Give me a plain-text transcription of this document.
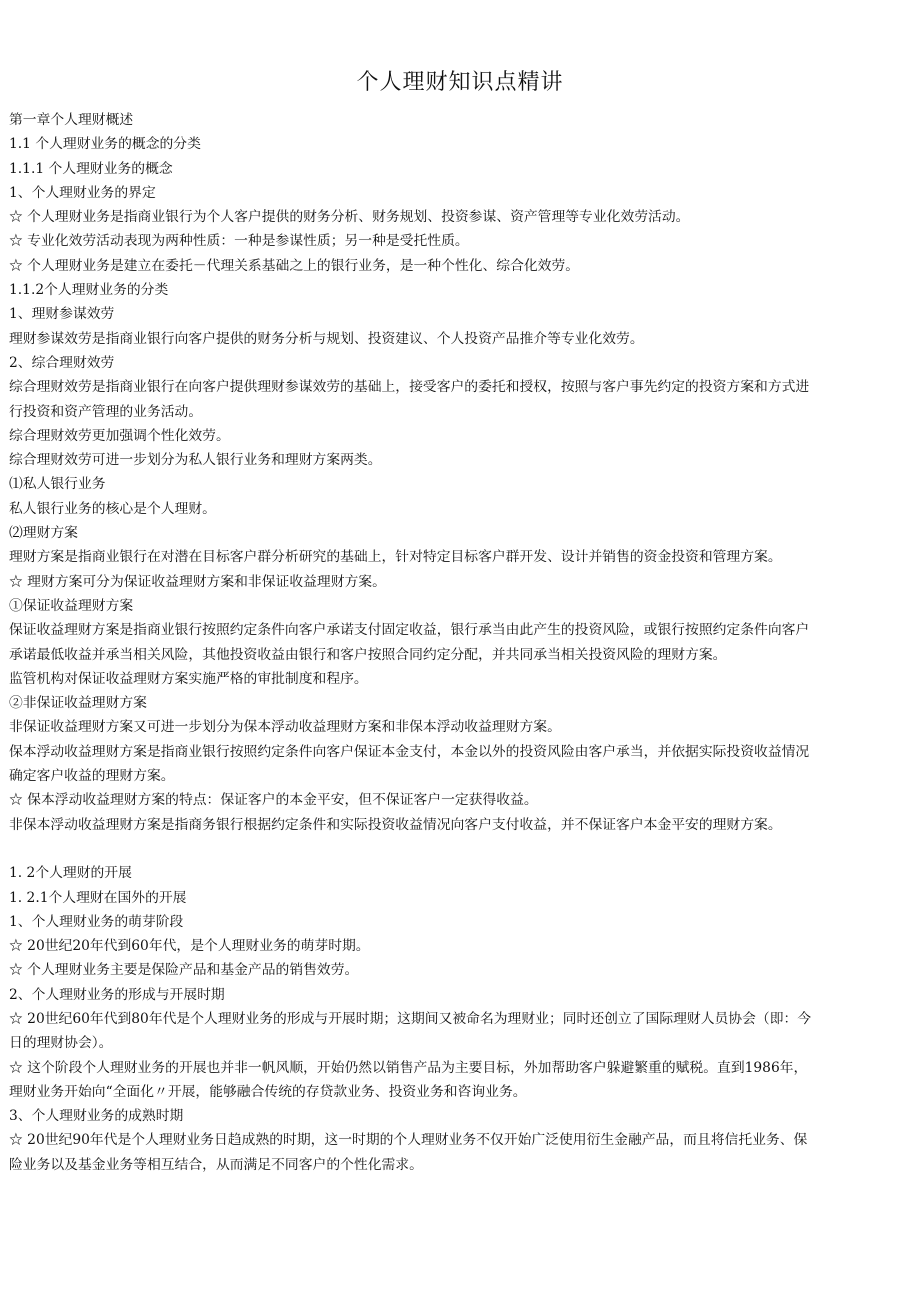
个人理财知识点精讲
第一章个人理财概述
1.1 个人理财业务的概念的分类
1.1.1 个人理财业务的概念
1、个人理财业务的界定
☆ 个人理财业务是指商业银行为个人客户提供的财务分析、财务规划、投资参谋、资产管理等专业化效劳活动。
☆ 专业化效劳活动表现为两种性质：一种是参谋性质；另一种是受托性质。
☆ 个人理财业务是建立在委托－代理关系基础之上的银行业务，是一种个性化、综合化效劳。
1.1.2个人理财业务的分类
1、理财参谋效劳
理财参谋效劳是指商业银行向客户提供的财务分析与规划、投资建议、个人投资产品推介等专业化效劳。
2、综合理财效劳
综合理财效劳是指商业银行在向客户提供理财参谋效劳的基础上，接受客户的委托和授权，按照与客户事先约定的投资方案和方式进
行投资和资产管理的业务活动。
综合理财效劳更加强调个性化效劳。
综合理财效劳可进一步划分为私人银行业务和理财方案两类。
⑴私人银行业务
私人银行业务的核心是个人理财。
⑵理财方案
理财方案是指商业银行在对潜在目标客户群分析研究的基础上，针对特定目标客户群开发、设计并销售的资金投资和管理方案。
☆ 理财方案可分为保证收益理财方案和非保证收益理财方案。
①保证收益理财方案
保证收益理财方案是指商业银行按照约定条件向客户承诺支付固定收益，银行承当由此产生的投资风险，或银行按照约定条件向客户
承诺最低收益并承当相关风险，其他投资收益由银行和客户按照合同约定分配，并共同承当相关投资风险的理财方案。
监管机构对保证收益理财方案实施严格的审批制度和程序。
②非保证收益理财方案
非保证收益理财方案又可进一步划分为保本浮动收益理财方案和非保本浮动收益理财方案。
保本浮动收益理财方案是指商业银行按照约定条件向客户保证本金支付，本金以外的投资风险由客户承当，并依据实际投资收益情况
确定客户收益的理财方案。
☆ 保本浮动收益理财方案的特点：保证客户的本金平安，但不保证客户一定获得收益。
非保本浮动收益理财方案是指商务银行根据约定条件和实际投资收益情况向客户支付收益，并不保证客户本金平安的理财方案。
1. 2个人理财的开展
1. 2.1个人理财在国外的开展
1、个人理财业务的萌芽阶段
☆ 20世纪20年代到60年代，是个人理财业务的萌芽时期。
☆ 个人理财业务主要是保险产品和基金产品的销售效劳。
2、个人理财业务的形成与开展时期
☆ 20世纪60年代到80年代是个人理财业务的形成与开展时期；这期间又被命名为理财业；同时还创立了国际理财人员协会（即：今
日的理财协会）。
☆ 这个阶段个人理财业务的开展也并非一帆风顺，开始仍然以销售产品为主要目标，外加帮助客户躲避繁重的赋税。直到1986年，
理财业务开始向“全面化〃开展，能够融合传统的存贷款业务、投资业务和咨询业务。
3、个人理财业务的成熟时期
☆ 20世纪90年代是个人理财业务日趋成熟的时期，这一时期的个人理财业务不仅开始广泛使用衍生金融产品，而且将信托业务、保
险业务以及基金业务等相互结合，从而满足不同客户的个性化需求。
